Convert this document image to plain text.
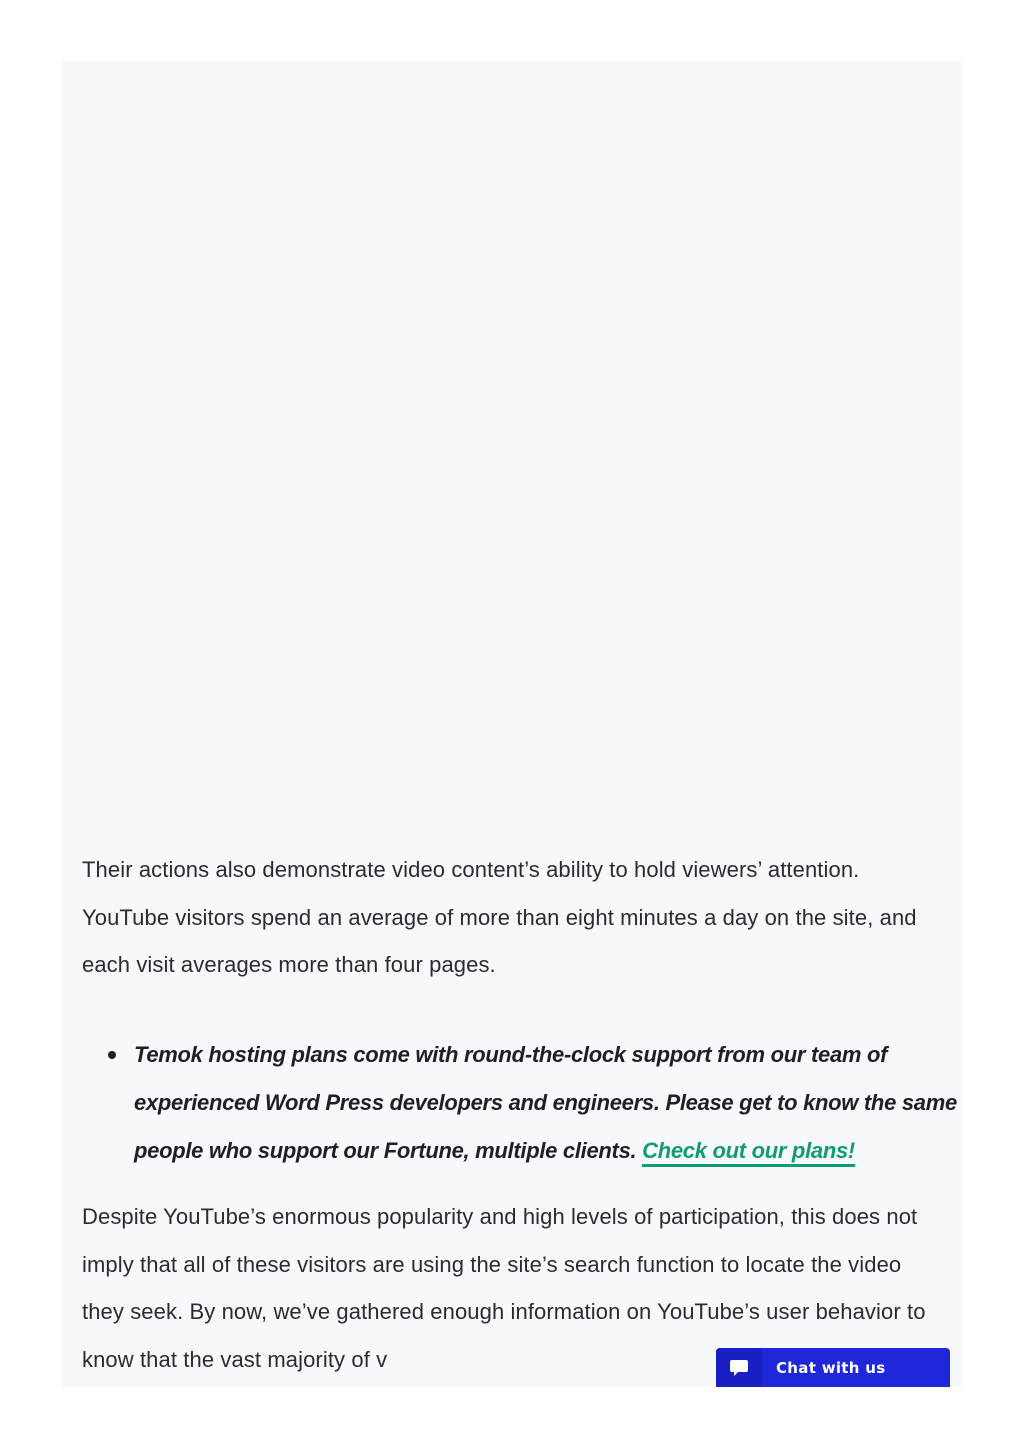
Their actions also demonstrate video content’s ability to hold viewers’ attention. YouTube visitors spend an average of more than eight minutes a day on the site, and each visit averages more than four pages.

Temok hosting plans come with round-the-clock support from our team of experienced Word Press developers and engineers. Please get to know the same people who support our Fortune, multiple clients. Check out our plans!

Despite YouTube’s enormous popularity and high levels of participation, this does not imply that all of these visitors are using the site’s search function to locate the video they seek. By now, we’ve gathered enough information on YouTube’s user behavior to know that the vast majority of v	Chat with us
